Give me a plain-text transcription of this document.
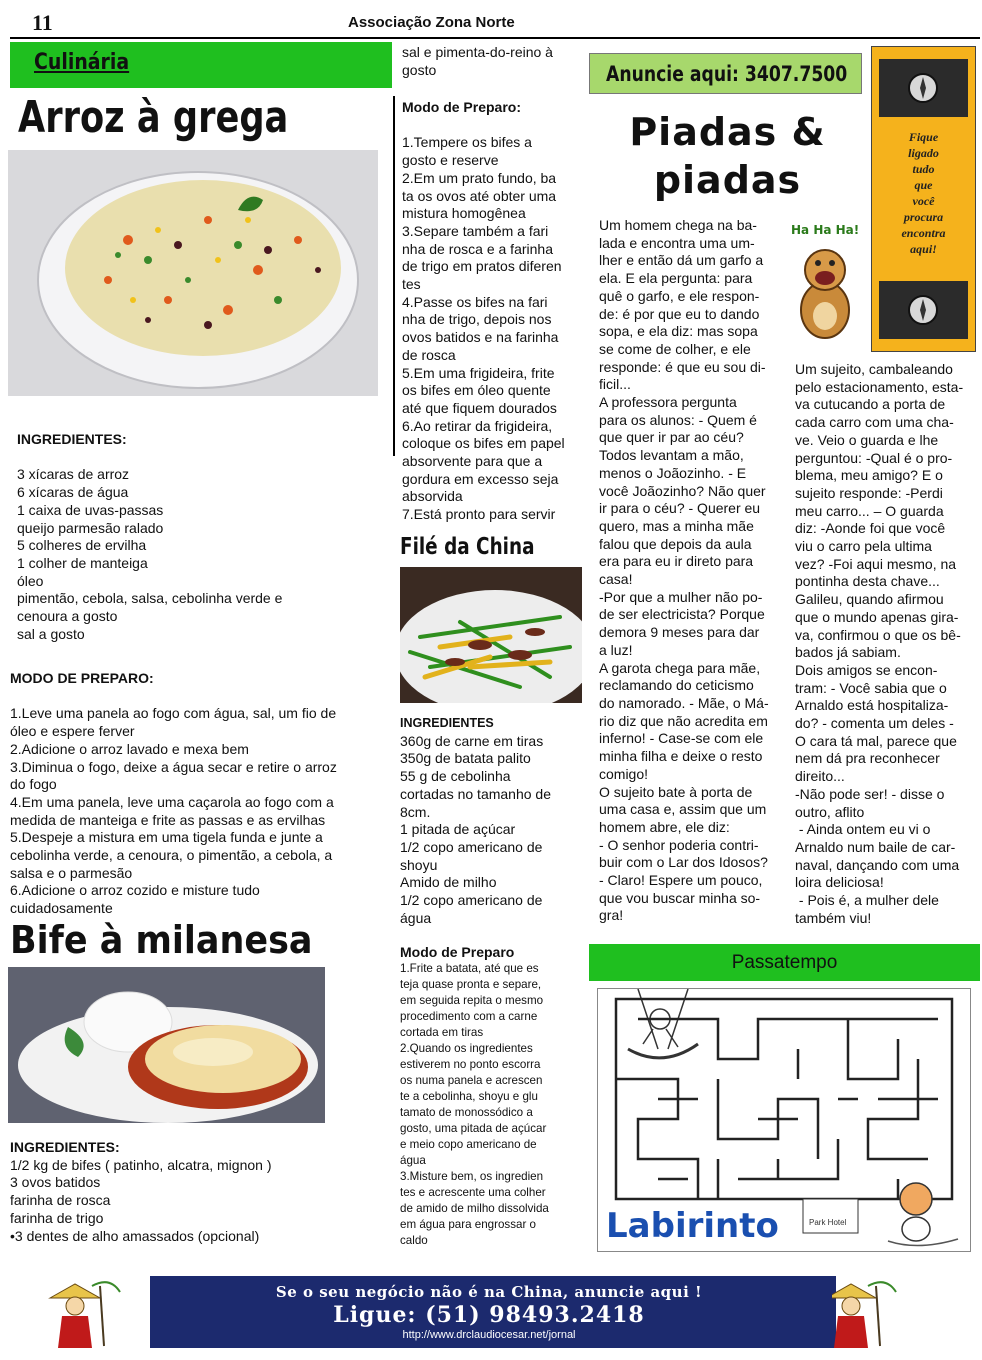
11	Associação Zona Norte
Culinária
Arroz à grega

INGREDIENTES:

3 xícaras de arroz

6 xícaras de água

1 caixa de uvas-passas

queijo parmesão ralado

5 colheres de ervilha

1 colher de manteiga

óleo

pimentão, cebola, salsa, cebolinha verde e

cenoura a gosto

sal a gosto

MODO DE PREPARO:

1.Leve uma panela ao fogo com água, sal, um fio de

óleo e espere ferver

2.Adicione o arroz lavado e mexa bem

3.Diminua o fogo, deixe a água secar e retire o arroz

do fogo

4.Em uma panela, leve uma caçarola ao fogo com a

medida de manteiga e frite as passas e as ervilhas

5.Despeje a mistura em uma tigela funda e junte a

cebolinha verde, a cenoura, o pimentão, a cebola, a

salsa e o parmesão

6.Adicione o arroz cozido e misture tudo

cuidadosamente

Bife à milanesa

INGREDIENTES:

1/2 kg de bifes ( patinho, alcatra, mignon )

3 ovos batidos

farinha de rosca

farinha de trigo

•3 dentes de alho amassados (opcional)

sal e pimenta-do-reino à

gosto

Modo de Preparo:

1.Tempere os bifes a

gosto e reserve

2.Em um prato fundo, ba

ta os ovos até obter uma

mistura homogênea

3.Separe também a fari

nha de rosca e a farinha

de trigo em pratos diferen

tes

4.Passe os bifes na fari

nha de trigo, depois nos

ovos batidos e na farinha

de rosca

5.Em uma frigideira, frite

os bifes em óleo quente

até que fiquem dourados

6.Ao retirar da frigideira,

coloque os bifes em papel

absorvente para que a

gordura em excesso seja

absorvida

7.Está pronto para servir

Filé da China

INGREDIENTES

360g de carne em tiras

350g de batata palito

55 g de cebolinha

cortadas no tamanho de

8cm.

1 pitada de açúcar

1/2 copo americano de

shoyu

Amido de milho

1/2 copo americano de

água

Modo de Preparo

1.Frite a batata, até que es

teja quase pronta e separe,

em seguida repita o mesmo

procedimento com a carne

cortada em tiras

2.Quando os ingredientes

estiverem no ponto escorra

os numa panela e acrescen

te a cebolinha, shoyu e glu

tamato de monossódico a

gosto, uma pitada de açúcar

e meio copo americano de

água

3.Misture bem, os ingredien

tes e acrescente uma colher

de amido de milho dissolvida

em água para engrossar o

caldo

Anuncie aqui: 3407.7500
Piadas &
piadas
Ha Ha Ha!

Um homem chega na ba-

lada e encontra uma um-

lher e então dá um garfo a

ela. E ela pergunta: para

quê o garfo, e ele respon-

de: é por que eu to dando

sopa, e ela diz: mas sopa

se come de colher, e ele

responde: é que eu sou di-

ficil...

A professora pergunta

para os alunos: - Quem é

que quer ir par ao céu?

Todos levantam a mão,

menos o Joãozinho. - E

você Joãozinho? Não quer

ir para o céu? - Querer eu

quero, mas a minha mãe

falou que depois da aula

era para eu ir direto para

casa!

-Por que a mulher não po-

de ser electricista? Porque

demora 9 meses para dar

a luz!

A garota chega para mãe,

reclamando do ceticismo

do namorado. - Mãe, o Má-

rio diz que não acredita em

inferno! - Case-se com ele

minha filha e deixe o resto

comigo!

O sujeito bate à porta de

uma casa e, assim que um

homem abre, ele diz:

- O senhor poderia contri-

buir com o Lar dos Idosos?

- Claro! Espere um pouco,

que vou buscar minha so-

gra!

Fique
ligado
tudo
que
você
procura
encontra
aqui!

Um sujeito, cambaleando

pelo estacionamento, esta-

va cutucando a porta de

cada carro com uma cha-

ve. Veio o guarda e lhe

perguntou: -Qual é o pro-

blema, meu amigo? E o

sujeito responde: -Perdi

meu carro... – O guarda

diz: -Aonde foi que você

viu o carro pela ultima

vez? -Foi aqui mesmo, na

pontinha desta chave...

Galileu, quando afirmou

que o mundo apenas gira-

va, confirmou o que os bê-

bados já sabiam.

Dois amigos se encon-

tram: - Você sabia que o

Arnaldo está hospitaliza-

do? - comenta um deles -

O cara tá mal, parece que

nem dá pra reconhecer

direito...

-Não pode ser! - disse o

outro, aflito

- Ainda ontem eu vi o

Arnaldo num baile de car-

naval, dançando com uma

loira deliciosa!

- Pois é, a mulher dele

também viu!

Passatempo
Park Hotel
Labirinto
Se o seu negócio não é na China, anuncie aqui !
Ligue: (51) 98493.2418
http://www.drclaudiocesar.net/jornal
